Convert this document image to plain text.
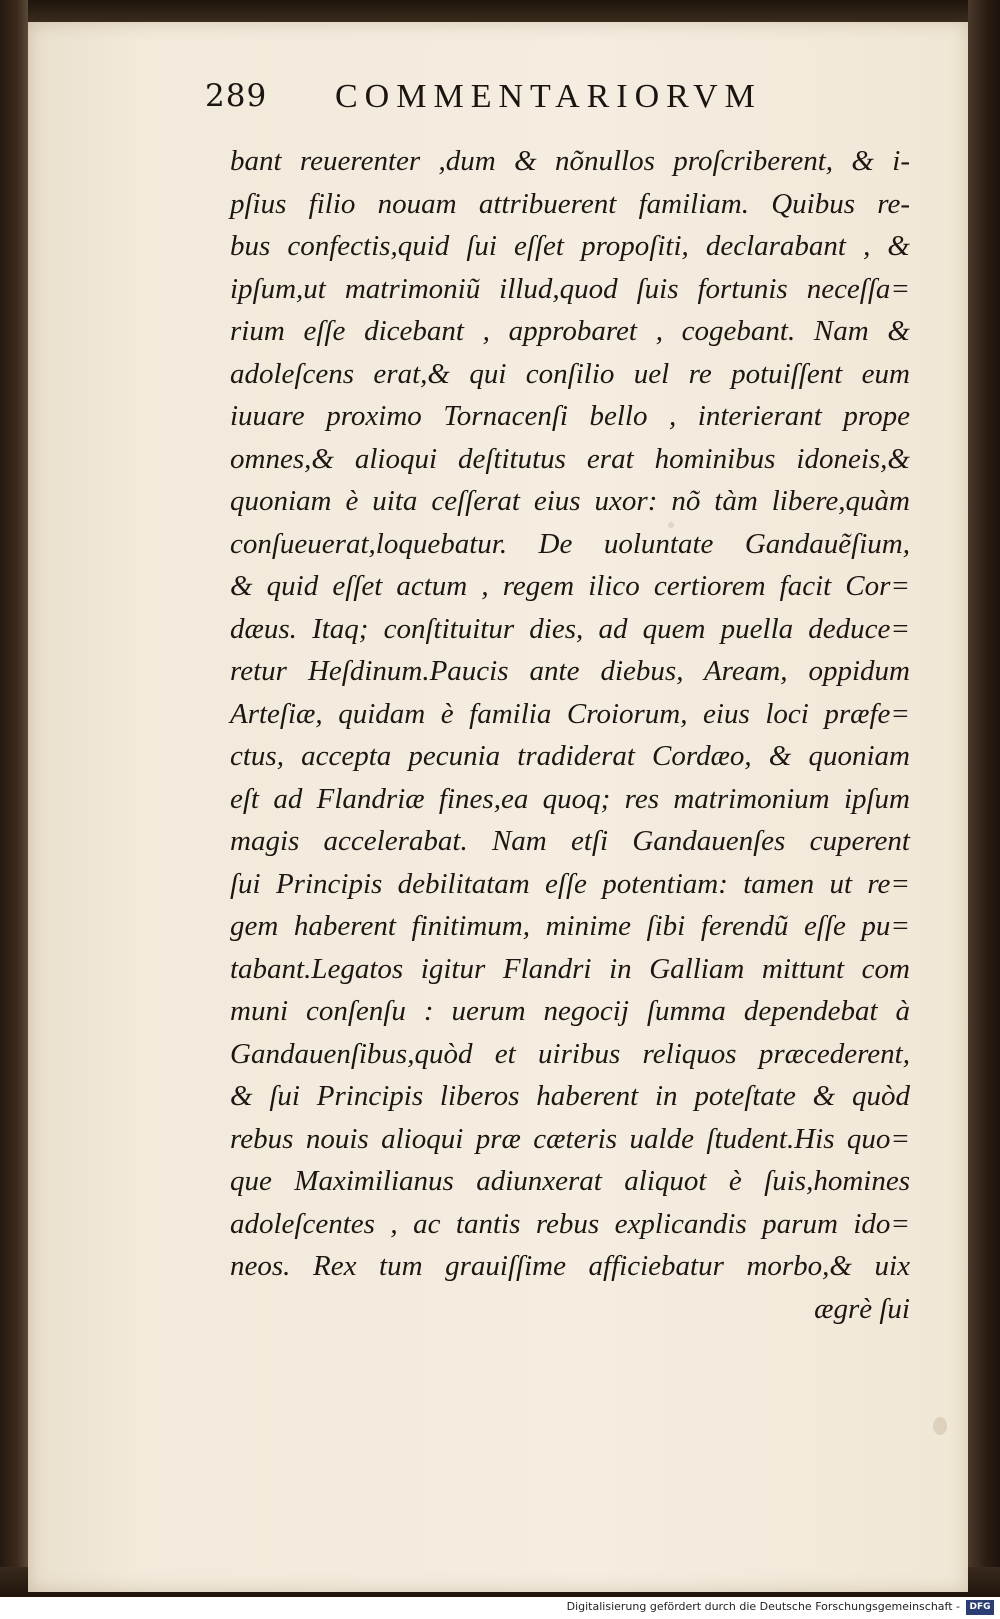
289 COMMENTARIORVM
bant reuerenter ,dum & nõnullos proſcriberent, & i-
pſius filio nouam attribuerent familiam. Quibus re-
bus confectis,quid ſui eſſet propoſiti, declarabant , &
ipſum,ut matrimoniũ illud,quod ſuis fortunis neceſſa=
rium eſſe dicebant , approbaret , cogebant. Nam &
adoleſcens erat,& qui conſilio uel re potuiſſent eum
iuuare proximo Tornacenſi bello , interierant prope
omnes,& alioqui deſtitutus erat hominibus idoneis,&
quoniam è uita ceſſerat eius uxor: nõ tàm libere,quàm
conſueuerat,loquebatur. De uoluntate Gandauẽſium,
& quid eſſet actum , regem ilico certiorem facit Cor=
dæus. Itaq; conſtituitur dies, ad quem puella deduce=
retur Heſdinum.Paucis ante diebus, Aream, oppidum
Arteſiæ, quidam è familia Croiorum, eius loci præfe=
ctus, accepta pecunia tradiderat Cordæo, & quoniam
eſt ad Flandriæ fines,ea quoq; res matrimonium ipſum
magis accelerabat. Nam etſi Gandauenſes cuperent
ſui Principis debilitatam eſſe potentiam: tamen ut re=
gem haberent finitimum, minime ſibi ferendũ eſſe pu=
tabant.Legatos igitur Flandri in Galliam mittunt com
muni conſenſu : uerum negocij ſumma dependebat à
Gandauenſibus,quòd et uiribus reliquos præcederent,
& ſui Principis liberos haberent in poteſtate & quòd
rebus nouis alioqui præ cæteris ualde ſtudent.His quo=
que Maximilianus adiunxerat aliquot è ſuis,homines
adoleſcentes , ac tantis rebus explicandis parum ido=
neos. Rex tum grauiſſime afficiebatur morbo,& uix
ægrè ſui
Digitalisierung gefördert durch die Deutsche Forschungsgemeinschaft -	DFG
